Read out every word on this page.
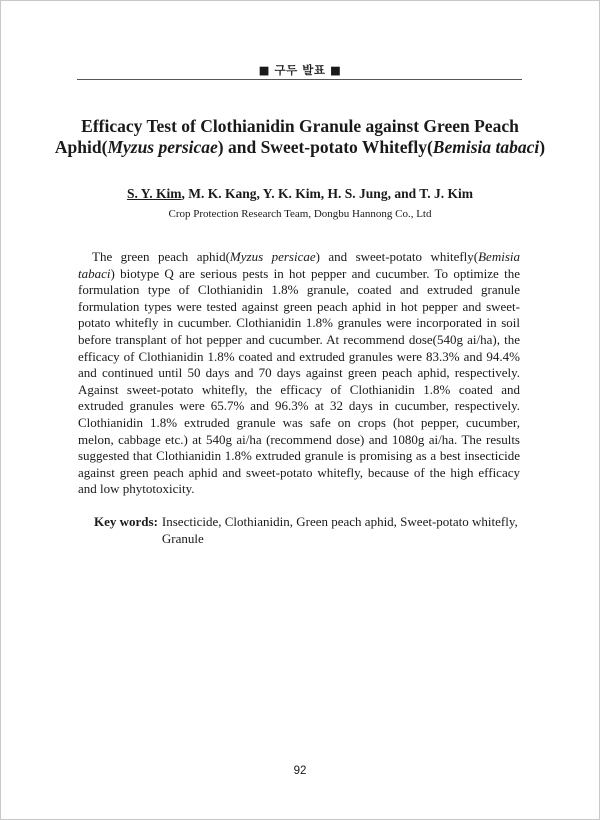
■ 구두 발표 ■
Efficacy Test of Clothianidin Granule against Green Peach
Aphid(Myzus persicae) and Sweet-potato Whitefly(Bemisia tabaci)
S. Y. Kim, M. K. Kang, Y. K. Kim, H. S. Jung, and T. J. Kim
Crop Protection Research Team, Dongbu Hannong Co., Ltd

The green peach aphid(Myzus persicae) and sweet-potato whitefly(Bemisia tabaci) biotype Q are serious pests in hot pepper and cucumber. To optimize the formulation type of Clothianidin 1.8% granule, coated and extruded granule formulation types were tested against green peach aphid in hot pepper and sweet-potato whitefly in cucumber. Clothianidin 1.8% granules were incorporated in soil before transplant of hot pepper and cucumber. At recommend dose(540g ai/ha), the efficacy of Clothianidin 1.8% coated and extruded granules were 83.3% and 94.4% and continued until 50 days and 70 days against green peach aphid, respectively. Against sweet-potato whitefly, the efficacy of Clothianidin 1.8% coated and extruded granules were 65.7% and 96.3% at 32 days in cucumber, respectively. Clothianidin 1.8% extruded granule was safe on crops (hot pepper, cucumber, melon, cabbage etc.) at 540g ai/ha (recommend dose) and 1080g ai/ha. The results suggested that Clothianidin 1.8% extruded granule is promising as a best insecticide against green peach aphid and sweet-potato whitefly, because of the high efficacy and low phytotoxicity.

Key words: Insecticide, Clothianidin, Green peach aphid, Sweet-potato whitefly, Granule
92
